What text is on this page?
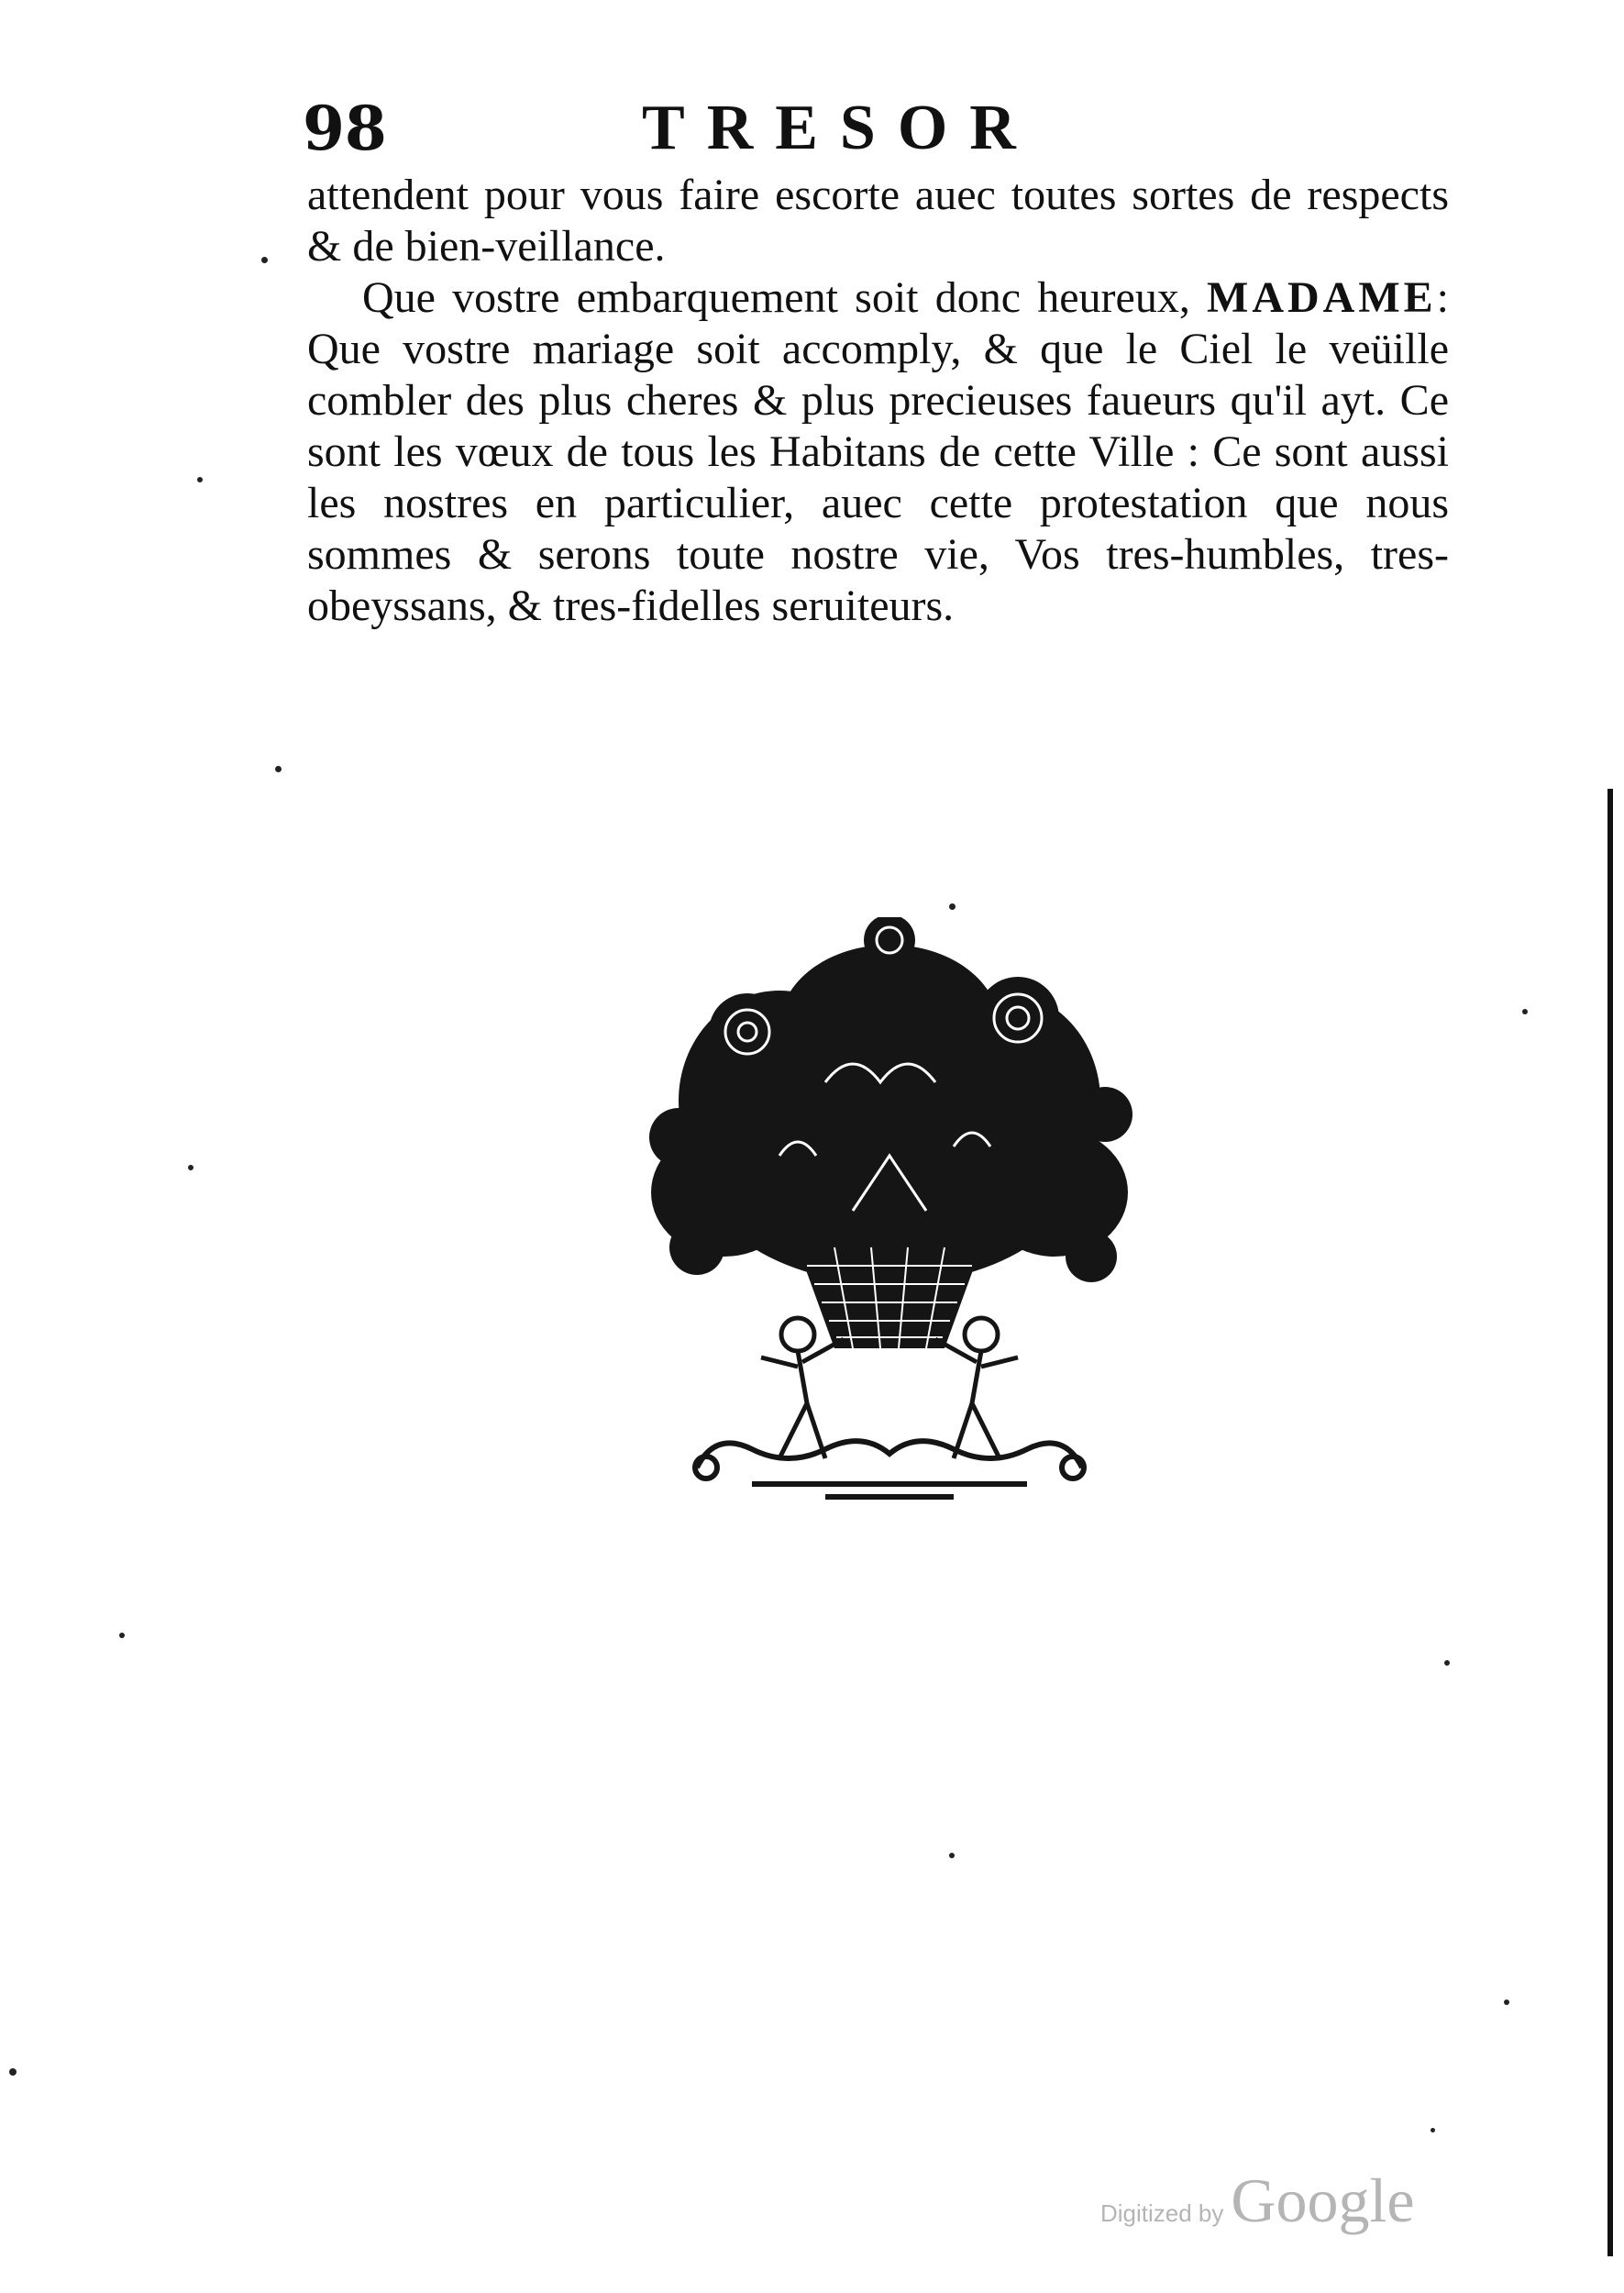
98	TRESOR

attendent pour vous faire escorte auec toutes sortes de respects & de bien-veillance.

Que vostre embarquement soit donc heureux, MADAME: Que vostre mariage soit accomply, & que le Ciel le veüille combler des plus cheres & plus precieuses faueurs qu'il ayt. Ce sont les vœux de tous les Habitans de cette Ville : Ce sont aussi les nostres en particulier, auec cette protestation que nous sommes & serons toute nostre vie, Vos tres-humbles, tres-obeyssans, & tres-fidelles seruiteurs.

Digitized by Google
